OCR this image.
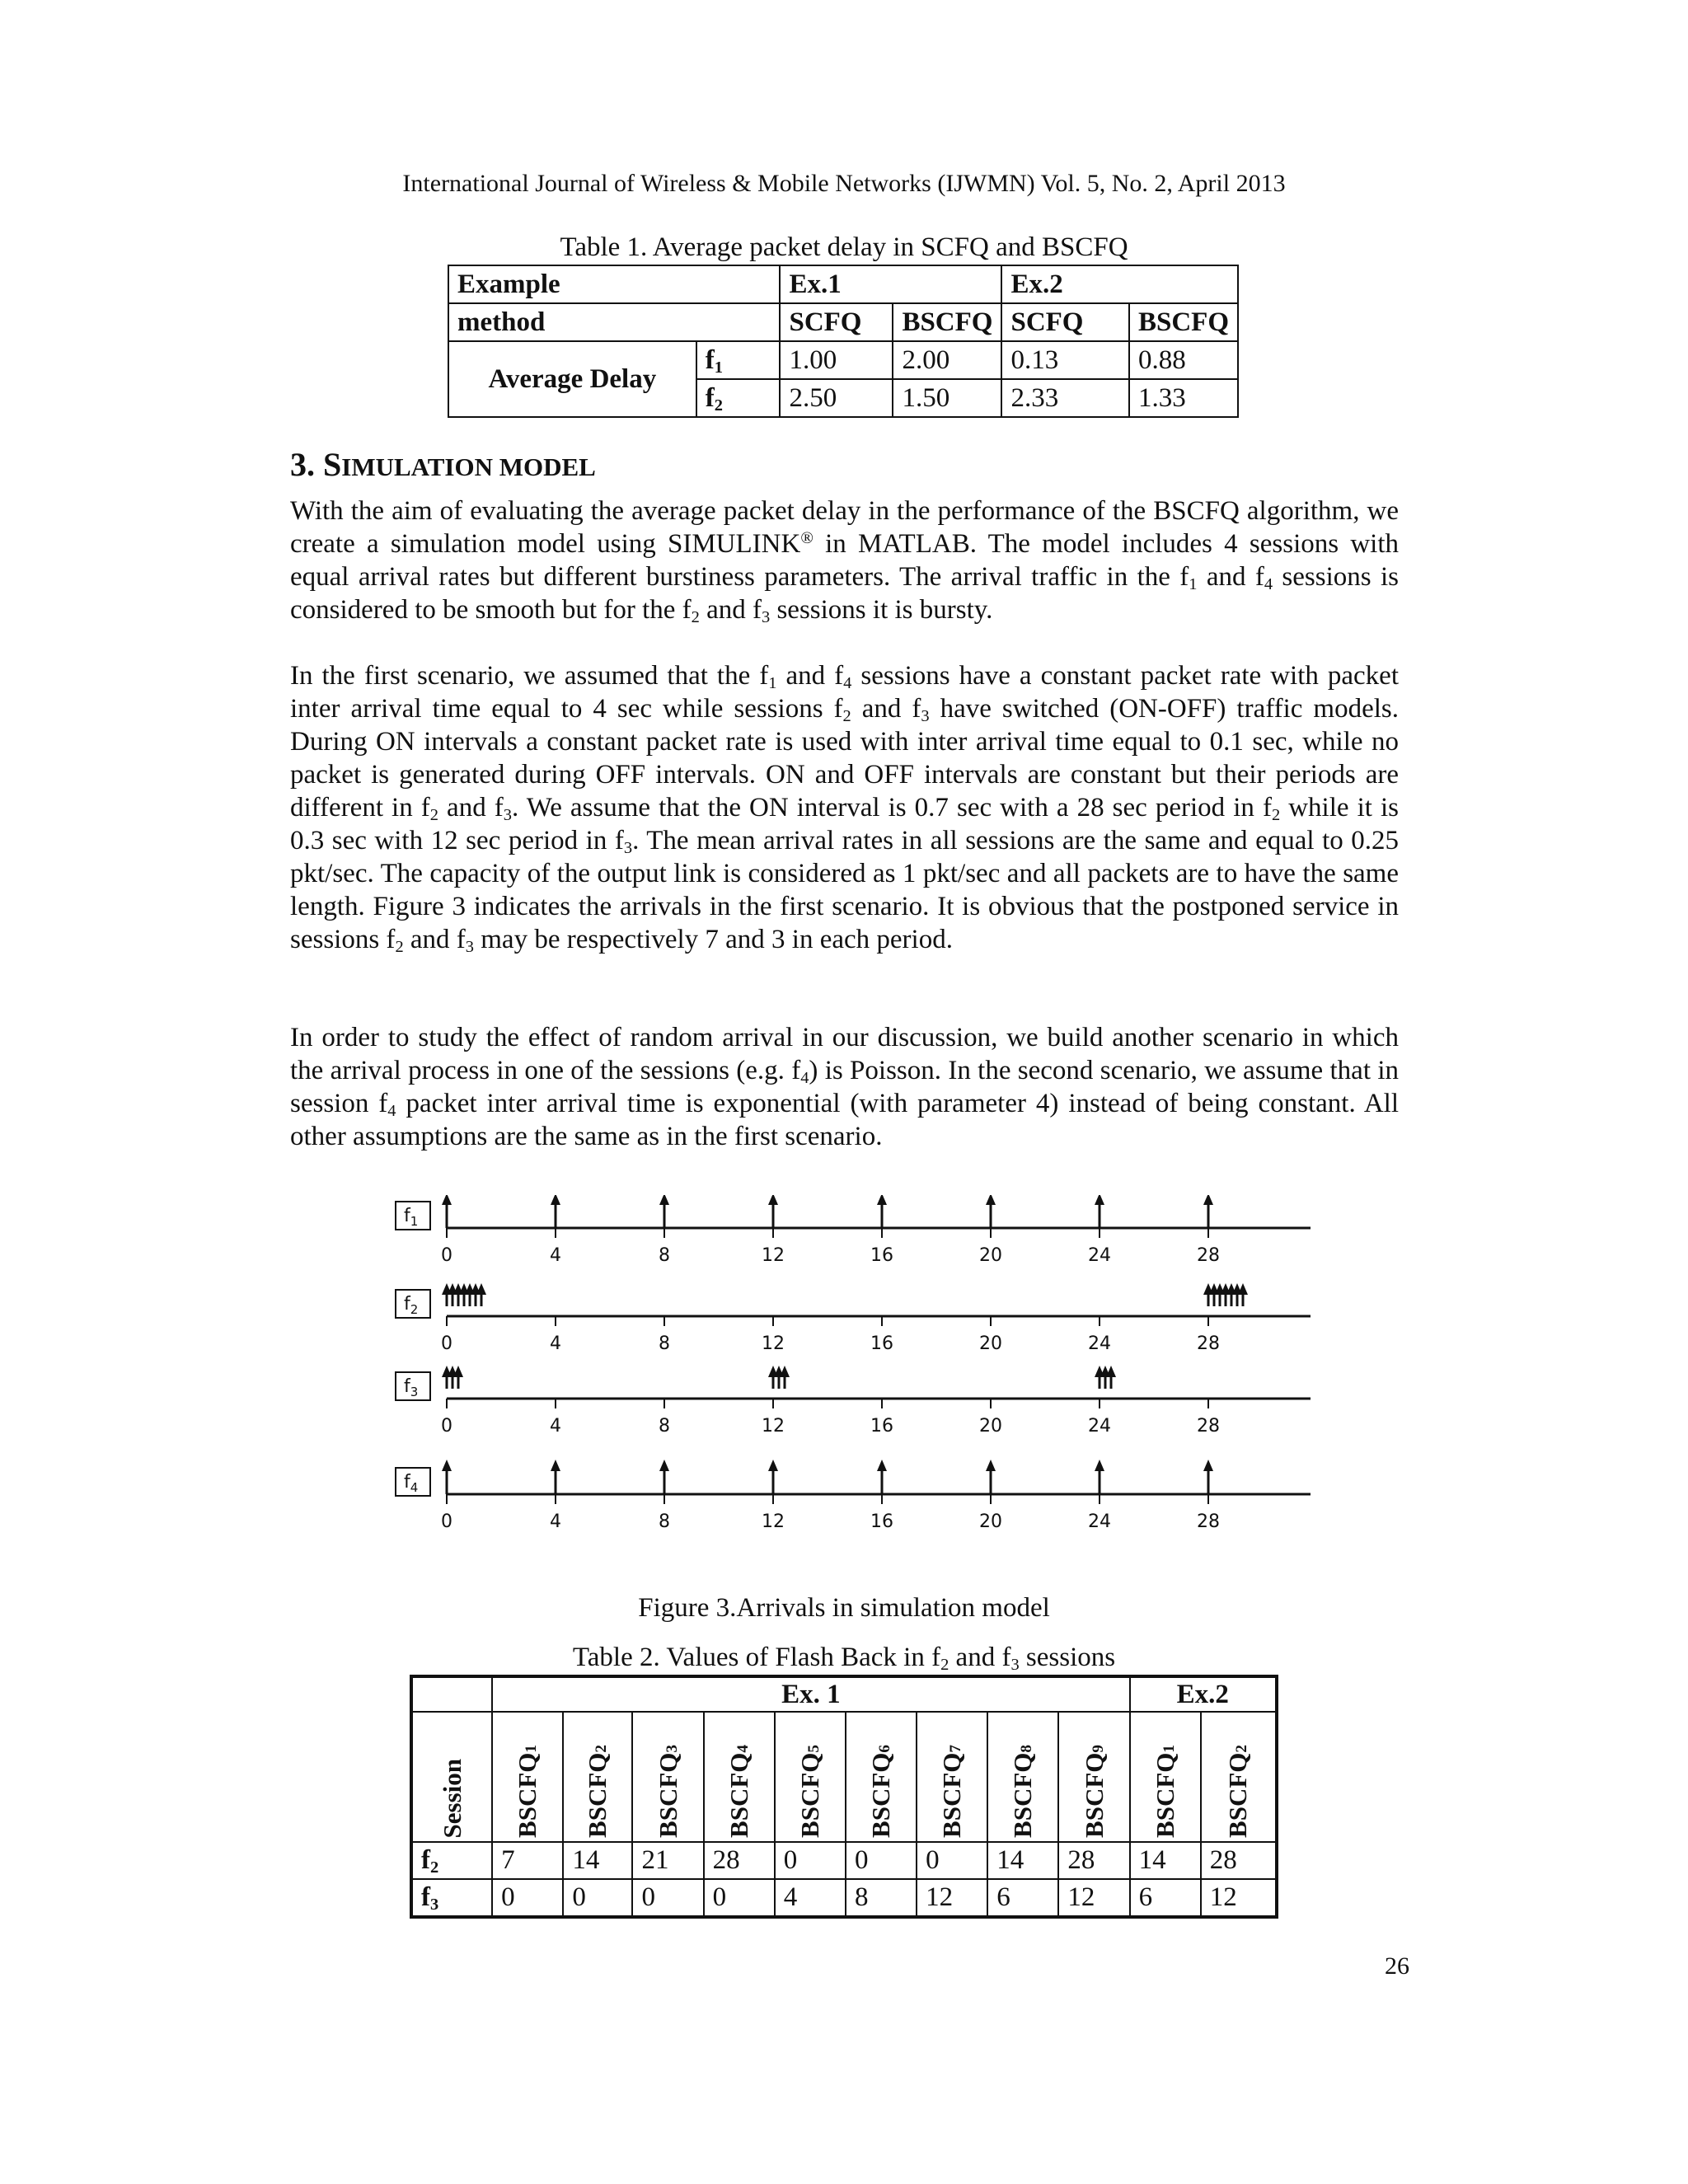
International Journal of Wireless & Mobile Networks (IJWMN) Vol. 5, No. 2, April 2013
Table 1. Average packet delay in SCFQ and BSCFQ
Example		Ex.1		Ex.2	
method		SCFQ	BSCFQ	SCFQ	BSCFQ
Average Delay	$f_1$	1.00	2.00	0.13	0.88
	$f_2$	2.50	1.50	2.33	1.33
3. SIMULATION MODEL
With the aim of evaluating the average packet delay in the performance of the BSCFQ algorithm, we create a simulation model using SIMULINK® in MATLAB. The model includes 4 sessions with equal arrival rates but different burstiness parameters. The arrival traffic in the $f_1$ and $f_4$ sessions is considered to be smooth but for the $f_2$ and $f_3$ sessions it is bursty.
In the first scenario, we assumed that the $f_1$ and $f_4$ sessions have a constant packet rate with packet inter arrival time equal to 4 sec while sessions $f_2$ and $f_3$ have switched (ON-OFF) traffic models. During ON intervals a constant packet rate is used with inter arrival time equal to 0.1 sec, while no packet is generated during OFF intervals. ON and OFF intervals are constant but their periods are different in $f_2$ and $f_3$. We assume that the ON interval is 0.7 sec with a 28 sec period in $f_2$ while it is 0.3 sec with 12 sec period in $f_3$. The mean arrival rates in all sessions are the same and equal to 0.25 pkt/sec. The capacity of the output link is considered as 1 pkt/sec and all packets are to have the same length. Figure 3 indicates the arrivals in the first scenario. It is obvious that the postponed service in sessions $f_2$ and $f_3$ may be respectively 7 and 3 in each period.
In order to study the effect of random arrival in our discussion, we build another scenario in which the arrival process in one of the sessions (e.g. $f_4$) is Poisson. In the second scenario, we assume that in session $f_4$ packet inter arrival time is exponential (with parameter 4) instead of being constant. All other assumptions are the same as in the first scenario.
$f_1$
0	4	8	12	16	20	24	28
$f_2$
0	4	8	12	16	20	24	28
$f_3$
0	4	8	12	16	20	24	28
$f_4$
0	4	8	12	16	20	24	28
Figure 3.Arrivals in simulation model
Table 2. Values of Flash Back in $f_2$ and $f_3$ sessions
	Ex. 1									Ex.2	

Session	$BSCFQ_1$	$BSCFQ_2$	$BSCFQ_3$	$BSCFQ_4$	$BSCFQ_5$	$BSCFQ_6$	$BSCFQ_7$	$BSCFQ_8$	$BSCFQ_9$	$BSCFQ_1$	$BSCFQ_2$

$f_2$	7	14	21	28	0	0	0	14	28	14	28
$f_3$	0	0	0	0	4	8	12	6	12	6	12
26
